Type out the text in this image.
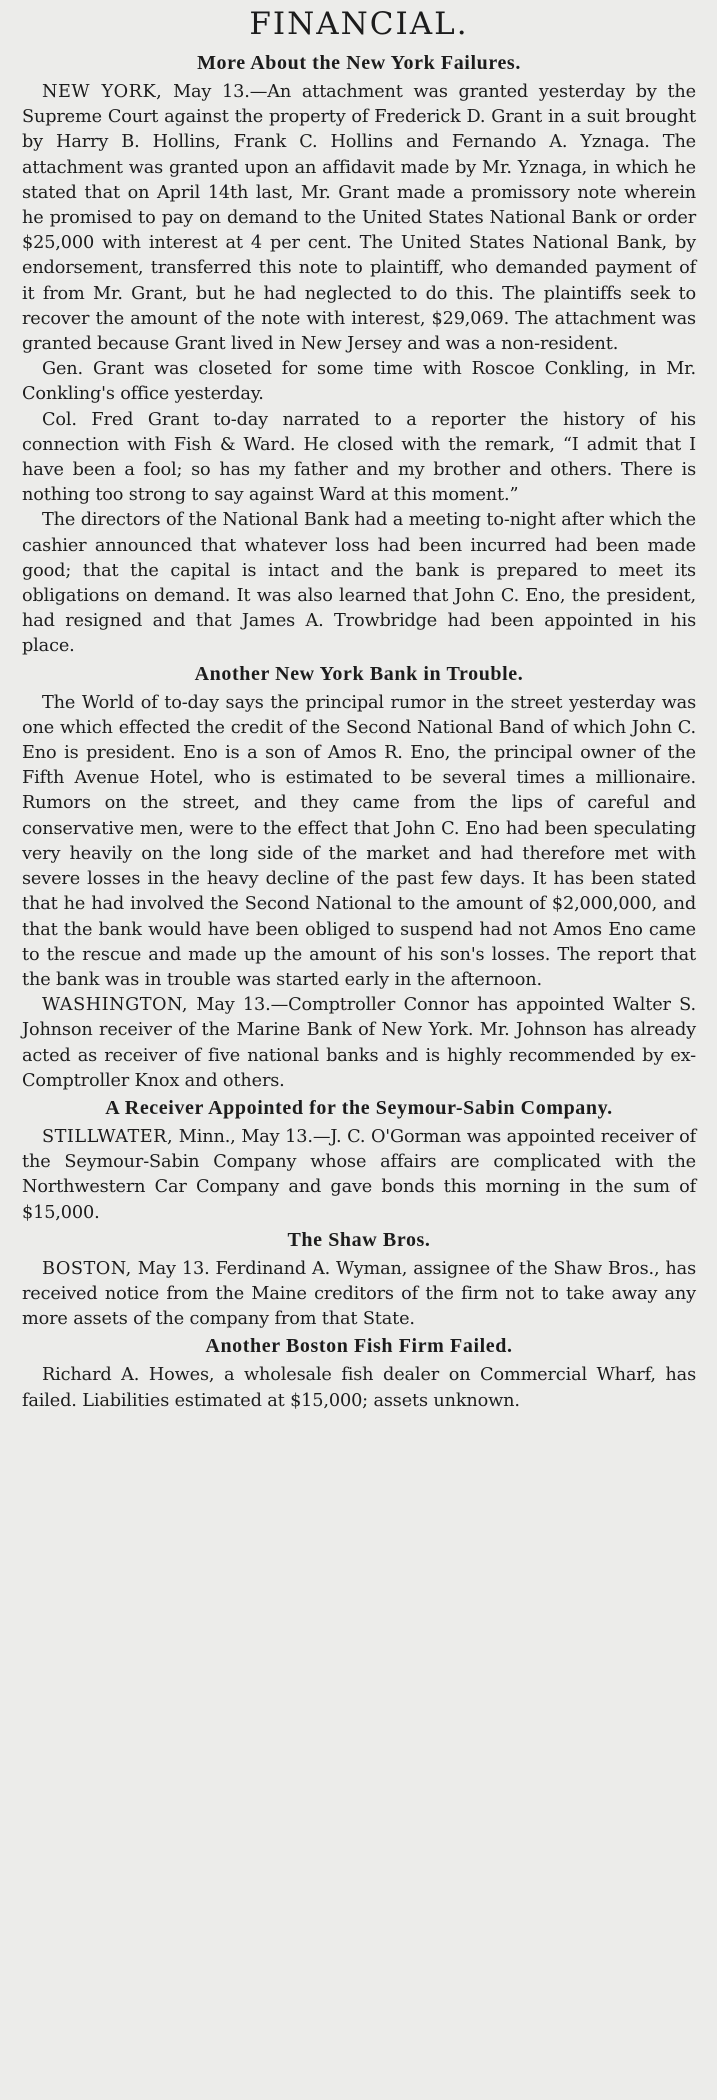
FINANCIAL.
More About the New York Failures.

NEW YORK, May 13.—An attachment was granted yesterday by the Supreme Court against the property of Frederick D. Grant in a suit brought by Harry B. Hollins, Frank C. Hollins and Fernando A. Yznaga. The attachment was granted upon an affidavit made by Mr. Yznaga, in which he stated that on April 14th last, Mr. Grant made a promissory note wherein he promised to pay on demand to the United States National Bank or order $25,000 with interest at 4 per cent. The United States National Bank, by endorsement, transferred this note to plaintiff, who demanded payment of it from Mr. Grant, but he had neglected to do this. The plaintiffs seek to recover the amount of the note with interest, $29,069. The attachment was granted because Grant lived in New Jersey and was a non-resident.

Gen. Grant was closeted for some time with Roscoe Conkling, in Mr. Conkling's office yesterday.

Col. Fred Grant to-day narrated to a reporter the history of his connection with Fish & Ward. He closed with the remark, “I admit that I have been a fool; so has my father and my brother and others. There is nothing too strong to say against Ward at this moment.”

The directors of the National Bank had a meeting to-night after which the cashier announced that whatever loss had been incurred had been made good; that the capital is intact and the bank is prepared to meet its obligations on demand. It was also learned that John C. Eno, the president, had resigned and that James A. Trowbridge had been appointed in his place.

Another New York Bank in Trouble.

The World of to-day says the principal rumor in the street yesterday was one which effected the credit of the Second National Band of which John C. Eno is president. Eno is a son of Amos R. Eno, the principal owner of the Fifth Avenue Hotel, who is estimated to be several times a millionaire. Rumors on the street, and they came from the lips of careful and conservative men, were to the effect that John C. Eno had been speculating very heavily on the long side of the market and had therefore met with severe losses in the heavy decline of the past few days. It has been stated that he had involved the Second National to the amount of $2,000,000, and that the bank would have been obliged to suspend had not Amos Eno came to the rescue and made up the amount of his son's losses. The report that the bank was in trouble was started early in the afternoon.

WASHINGTON, May 13.—Comptroller Connor has appointed Walter S. Johnson receiver of the Marine Bank of New York. Mr. Johnson has already acted as receiver of five national banks and is highly recommended by ex-Comptroller Knox and others.

A Receiver Appointed for the Seymour-Sabin Company.

STILLWATER, Minn., May 13.—J. C. O'Gorman was appointed receiver of the Seymour-Sabin Company whose affairs are complicated with the Northwestern Car Company and gave bonds this morning in the sum of $15,000.

The Shaw Bros.

BOSTON, May 13. Ferdinand A. Wyman, assignee of the Shaw Bros., has received notice from the Maine creditors of the firm not to take away any more assets of the company from that State.

Another Boston Fish Firm Failed.

Richard A. Howes, a wholesale fish dealer on Commercial Wharf, has failed. Liabilities estimated at $15,000; assets unknown.
